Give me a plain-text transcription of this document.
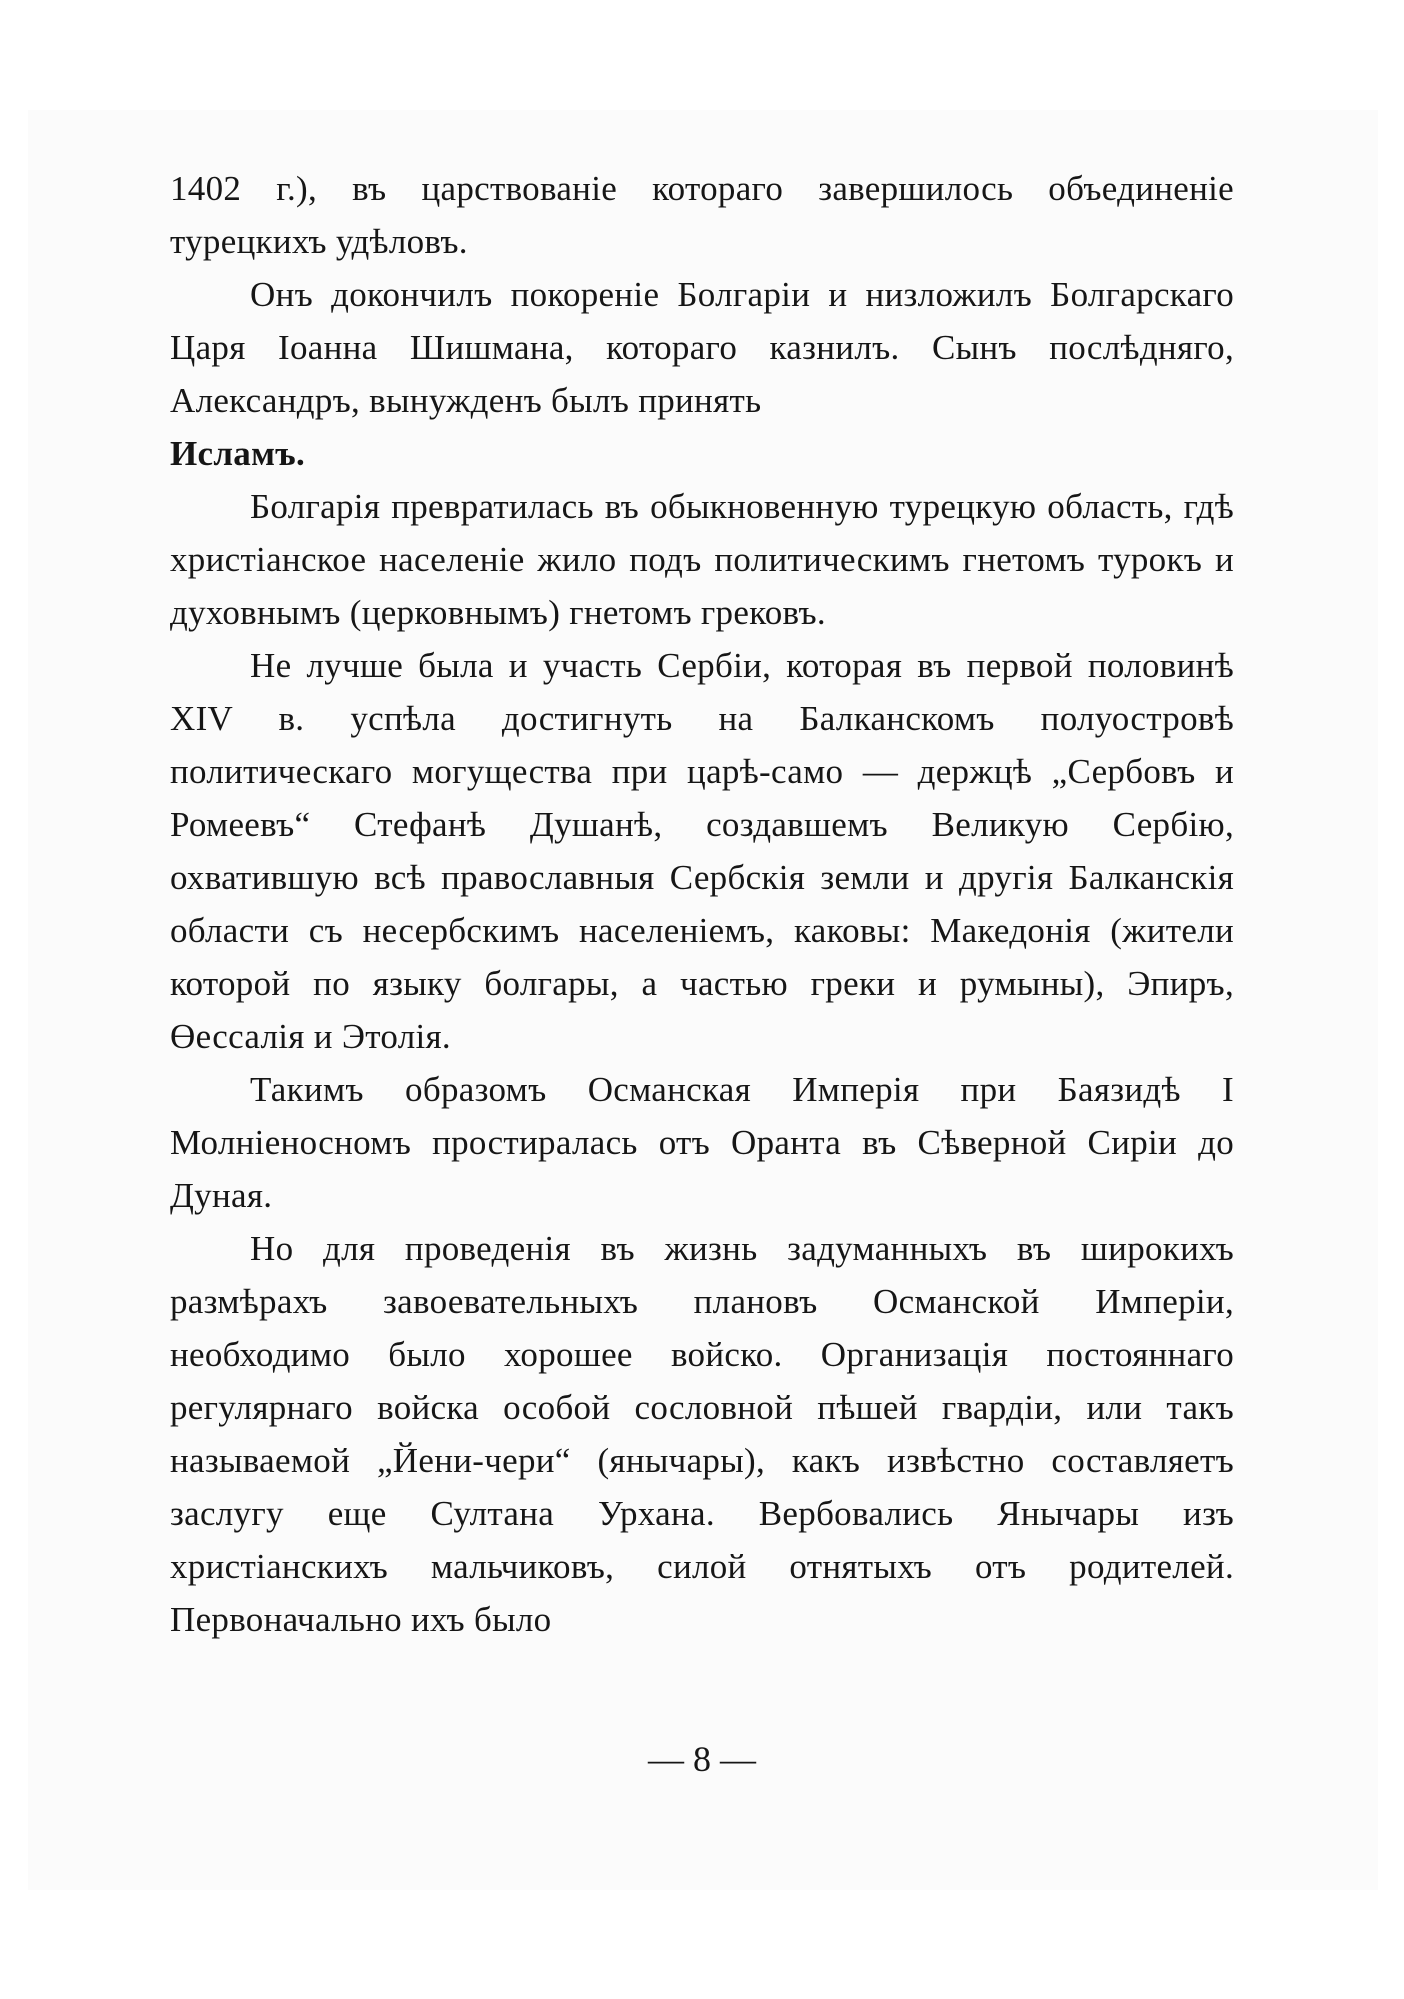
1402 г.), въ царствованіе котораго завершилось объединеніе турецкихъ удѣловъ.

Онъ докончилъ покореніе Болгаріи и низложилъ Болгарскаго Царя Іоанна Шишмана, котораго казнилъ. Сынъ послѣдняго, Александръ, вынужденъ былъ принять
Исламъ.

Болгарія превратилась въ обыкновенную турецкую область, гдѣ христіанское населеніе жило подъ политическимъ гнетомъ турокъ и духовнымъ (церковнымъ) гнетомъ грековъ.

Не лучше была и участь Сербіи, которая въ первой половинѣ XIV в. успѣла достигнуть на Балканскомъ полуостровѣ политическаго могущества при царѣ-само — держцѣ „Сербовъ и Ромеевъ“ Стефанѣ Душанѣ, создавшемъ Великую Сербію, охватившую всѣ православныя Сербскія земли и другія Балканскія области съ несербскимъ населеніемъ, каковы: Македонія (жители которой по языку болгары, а частью греки и румыны), Эпиръ, Өессалія и Этолія.

Такимъ образомъ Османская Имперія при Баязидѣ I Молніеносномъ простиралась отъ Оранта въ Сѣверной Сиріи до Дуная.

Но для проведенія въ жизнь задуманныхъ въ широкихъ размѣрахъ завоевательныхъ плановъ Османской Имперіи, необходимо было хорошее войско. Организація постояннаго регулярнаго войска особой сословной пѣшей гвардіи, или такъ называемой „Йени-чери“ (янычары), какъ извѣстно составляетъ заслугу еще Султана Урхана. Вербовались Янычары изъ христіанскихъ мальчиковъ, силой отнятыхъ отъ родителей. Первоначально ихъ было

— 8 —
